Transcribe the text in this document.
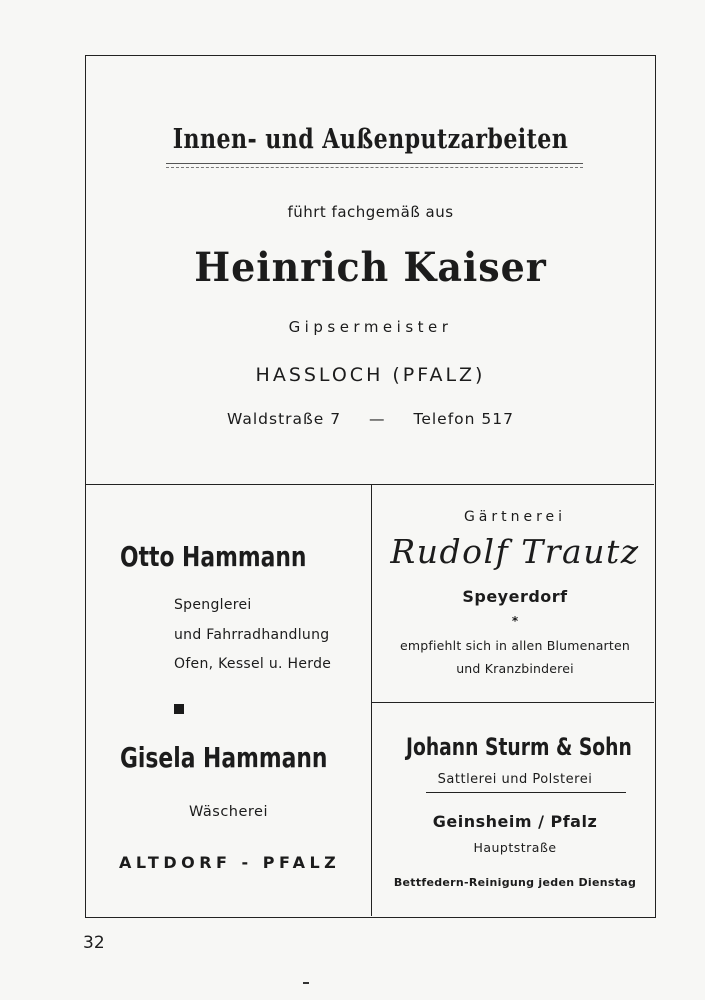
Innen- und Außenputzarbeiten
führt fachgemäß aus
Heinrich Kaiser
Gipsermeister
HASSLOCH (PFALZ)
Waldstraße 7 — Telefon 517
Otto Hammann
Spenglerei
und Fahrradhandlung
Ofen, Kessel u. Herde
Gisela Hammann
Wäscherei
ALTDORF - PFALZ
Gärtnerei
Rudolf Trautz
Speyerdorf
*
empfiehlt sich in allen Blumenarten
und Kranzbinderei
Johann Sturm & Sohn
Sattlerei und Polsterei
Geinsheim / Pfalz
Hauptstraße
Bettfedern-Reinigung jeden Dienstag
32
